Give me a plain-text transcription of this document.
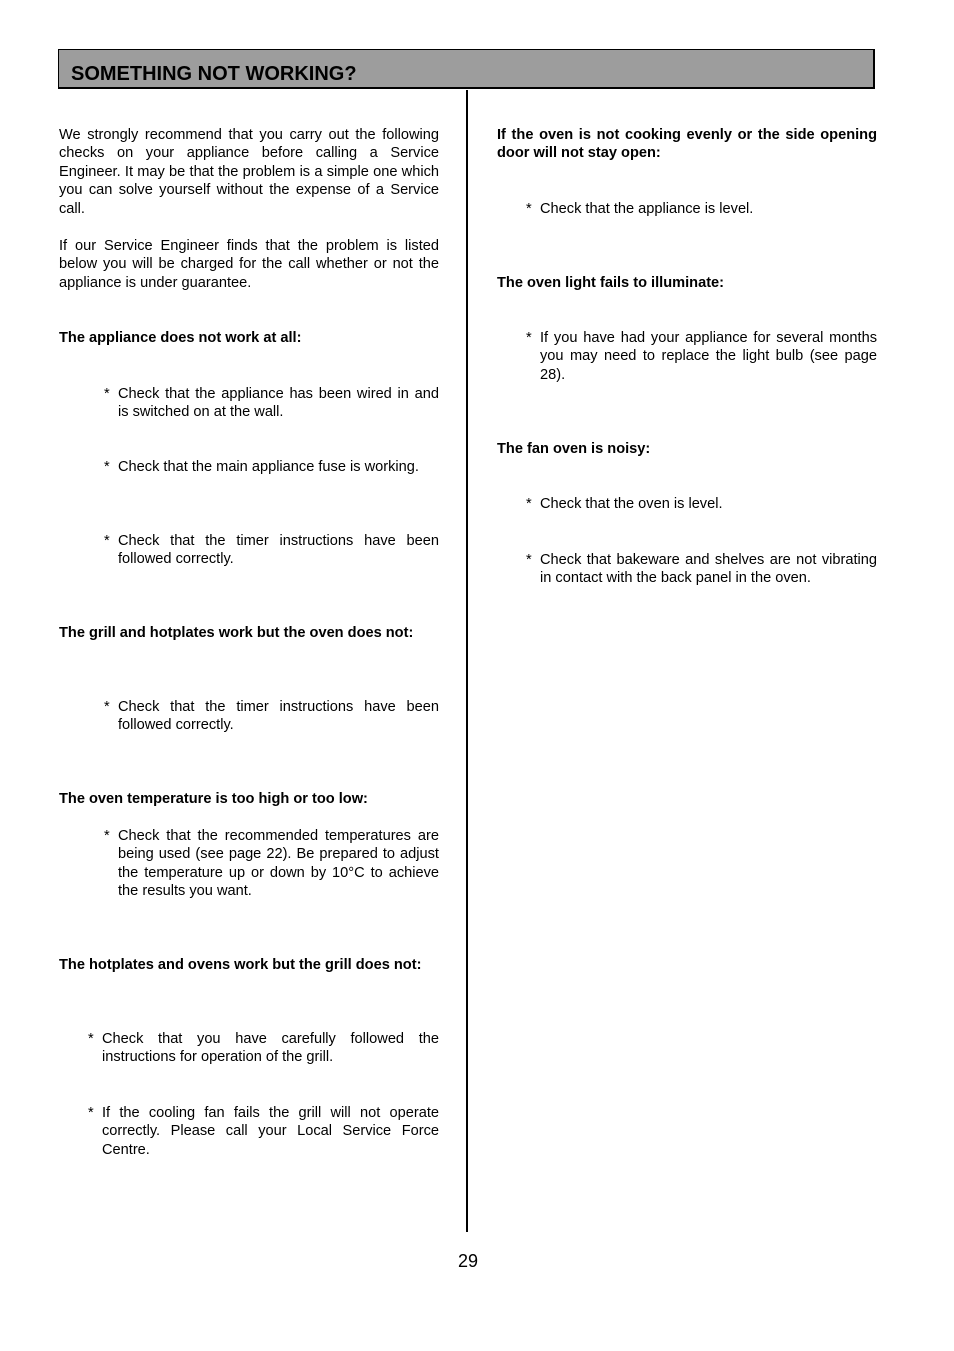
SOMETHING NOT WORKING?

We strongly recommend that you carry out the following checks on your appliance before calling a Service Engineer. It may be that the problem is a simple one which you can solve yourself without the expense of a Service call.

If our Service Engineer finds that the problem is listed below you will be charged for the call whether or not the appliance is under guarantee.

The appliance does not work at all:

* Check that the appliance has been wired in and is switched on at the wall.
* Check that the main appliance fuse is working.
* Check that the timer instructions have been followed correctly.

The grill and hotplates work but the oven does not:

* Check that the timer instructions have been followed correctly.

The oven temperature is too high or too low:

* Check that the recommended temperatures are being used (see page 22). Be prepared to adjust the temperature up or down by 10°C to achieve the results you want.

The hotplates and ovens work but the grill does not:

* Check that you have carefully followed the instructions for operation of the grill.
* If the cooling fan fails the grill will not operate correctly. Please call your Local Service Force Centre.

If the oven is not cooking evenly or the side opening door will not stay open:

* Check that the appliance is level.

The oven light fails to illuminate:

* If you have had your appliance for several months you may need to replace the light bulb (see page 28).

The fan oven is noisy:

* Check that the oven is level.
* Check that bakeware and shelves are not vibrating in contact with the back panel in the oven.
29
